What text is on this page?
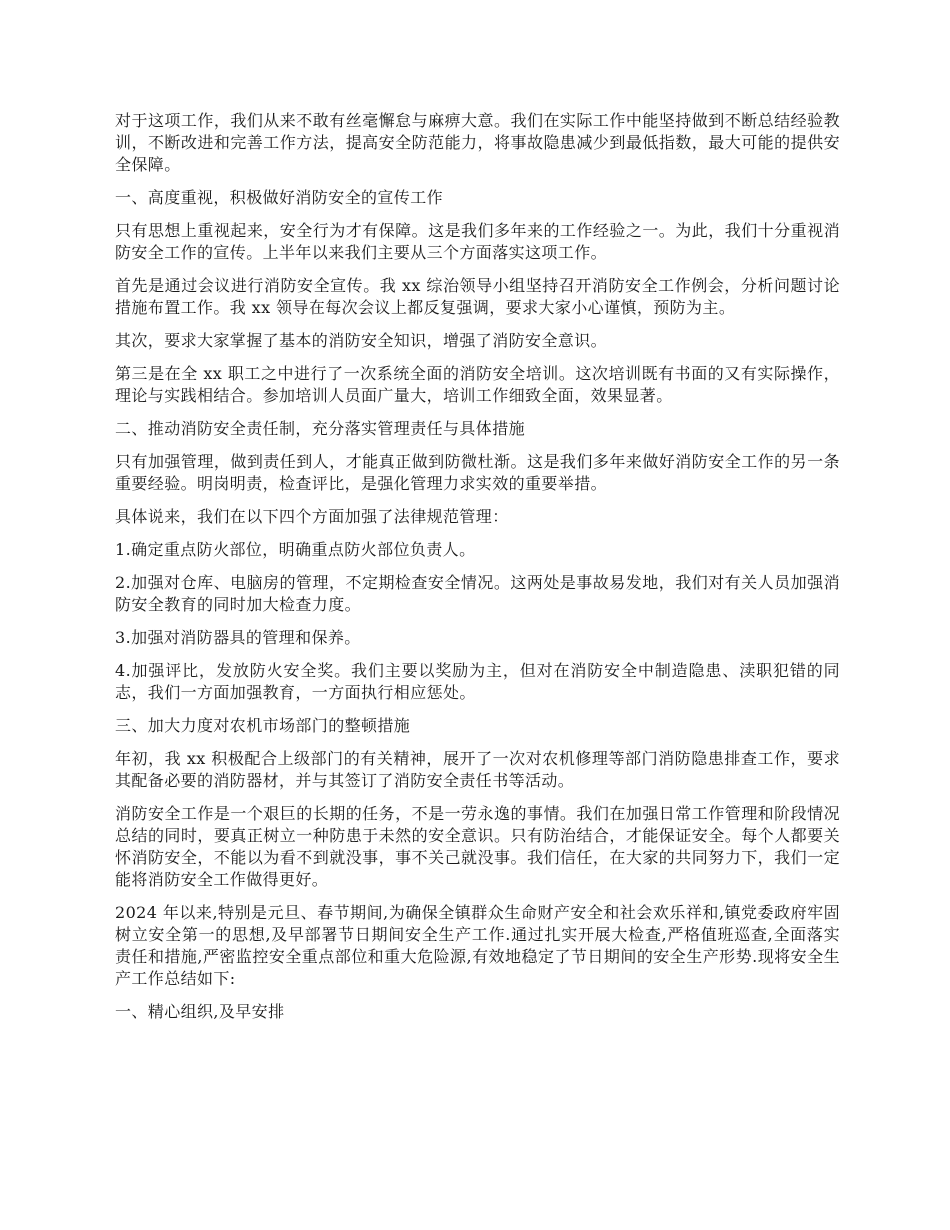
对于这项工作，我们从来不敢有丝毫懈怠与麻痹大意。我们在实际工作中能坚持做到不断总结经验教训，不断改进和完善工作方法，提高安全防范能力，将事故隐患减少到最低指数，最大可能的提供安全保障。

一、高度重视，积极做好消防安全的宣传工作

只有思想上重视起来，安全行为才有保障。这是我们多年来的工作经验之一。为此，我们十分重视消防安全工作的宣传。上半年以来我们主要从三个方面落实这项工作。

首先是通过会议进行消防安全宣传。我 xx 综治领导小组坚持召开消防安全工作例会，分析问题讨论措施布置工作。我 xx 领导在每次会议上都反复强调，要求大家小心谨慎，预防为主。

其次，要求大家掌握了基本的消防安全知识，增强了消防安全意识。

第三是在全 xx 职工之中进行了一次系统全面的消防安全培训。这次培训既有书面的又有实际操作，理论与实践相结合。参加培训人员面广量大，培训工作细致全面，效果显著。

二、推动消防安全责任制，充分落实管理责任与具体措施

只有加强管理，做到责任到人，才能真正做到防微杜渐。这是我们多年来做好消防安全工作的另一条重要经验。明岗明责，检查评比，是强化管理力求实效的重要举措。

具体说来，我们在以下四个方面加强了法律规范管理：

1.确定重点防火部位，明确重点防火部位负责人。

2.加强对仓库、电脑房的管理，不定期检查安全情况。这两处是事故易发地，我们对有关人员加强消防安全教育的同时加大检查力度。

3.加强对消防器具的管理和保养。

4.加强评比，发放防火安全奖。我们主要以奖励为主，但对在消防安全中制造隐患、渎职犯错的同志，我们一方面加强教育，一方面执行相应惩处。

三、加大力度对农机市场部门的整顿措施

年初，我 xx 积极配合上级部门的有关精神，展开了一次对农机修理等部门消防隐患排查工作，要求其配备必要的消防器材，并与其签订了消防安全责任书等活动。

消防安全工作是一个艰巨的长期的任务，不是一劳永逸的事情。我们在加强日常工作管理和阶段情况总结的同时，要真正树立一种防患于未然的安全意识。只有防治结合，才能保证安全。每个人都要关怀消防安全，不能以为看不到就没事，事不关己就没事。我们信任，在大家的共同努力下，我们一定能将消防安全工作做得更好。

2024 年以来,特别是元旦、春节期间,为确保全镇群众生命财产安全和社会欢乐祥和,镇党委政府牢固树立安全第一的思想,及早部署节日期间安全生产工作.通过扎实开展大检查,严格值班巡查,全面落实责任和措施,严密监控安全重点部位和重大危险源,有效地稳定了节日期间的安全生产形势.现将安全生产工作总结如下:

一、精心组织,及早安排
